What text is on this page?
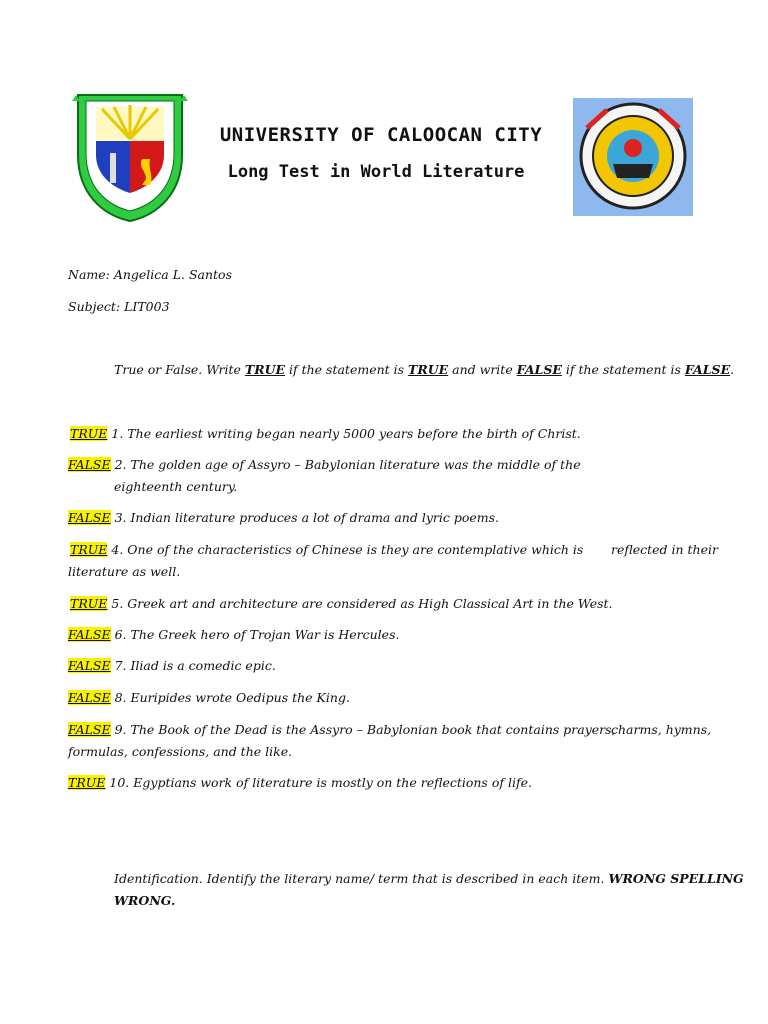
UNIVERSITY OF CALOOCAN CITY
Long Test in World Literature
Name: Angelica L. Santos
Subject: LIT003
True or False. Write TRUE if the statement is TRUE and write FALSE if the statement is FALSE.
TRUE 1. The earliest writing began nearly 5000 years before the birth of Christ.
FALSE 2. The golden age of Assyro – Babylonian literature was the middle of the
eighteenth century.
FALSE 3. Indian literature produces a lot of drama and lyric poems.
TRUE 4. One of the characteristics of Chinese is they are contemplative which is reflected in their
literature as well.
TRUE 5. Greek art and architecture are considered as High Classical Art in the West.
FALSE 6. The Greek hero of Trojan War is Hercules.
FALSE 7. Iliad is a comedic epic.
FALSE 8. Euripides wrote Oedipus the King.
FALSE 9. The Book of the Dead is the Assyro – Babylonian book that contains prayers,
charms, hymns,
formulas, confessions, and the like.
TRUE 10. Egyptians work of literature is mostly on the reflections of life.
Identification. Identify the literary name/ term that is described in each item. WRONG SPELLING
WRONG.
